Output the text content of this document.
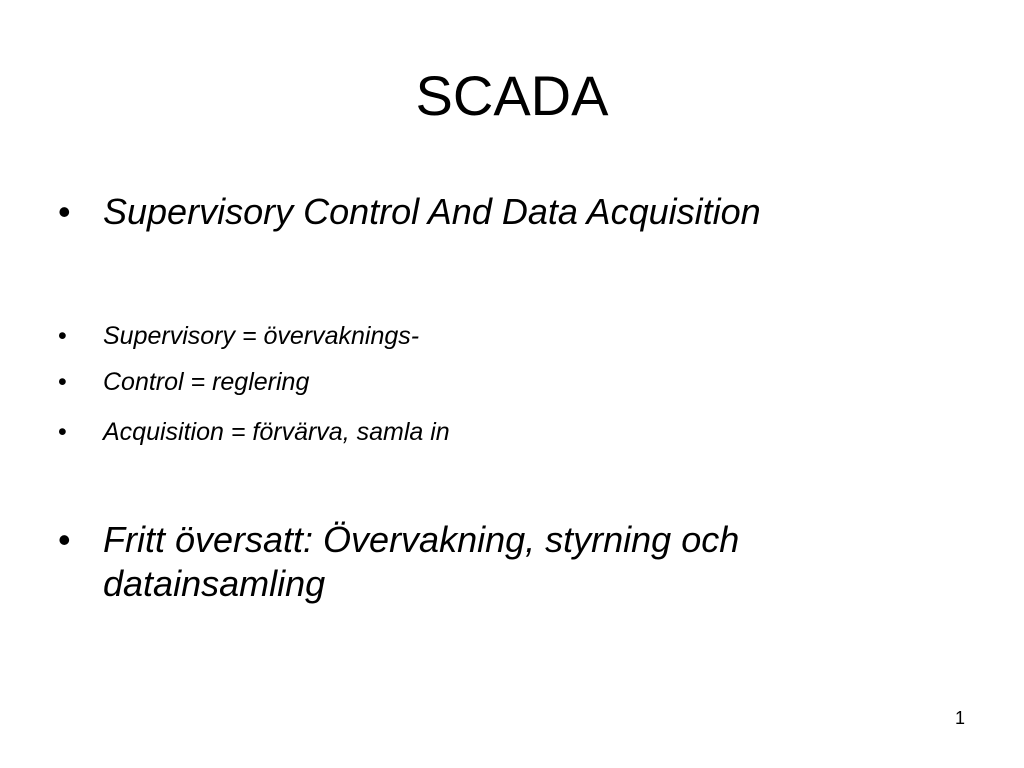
SCADA
• Supervisory Control And Data Acquisition
• Supervisory = övervaknings-
• Control = reglering
• Acquisition = förvärva, samla in
• Fritt översatt: Övervakning, styrning och datainsamling
1
